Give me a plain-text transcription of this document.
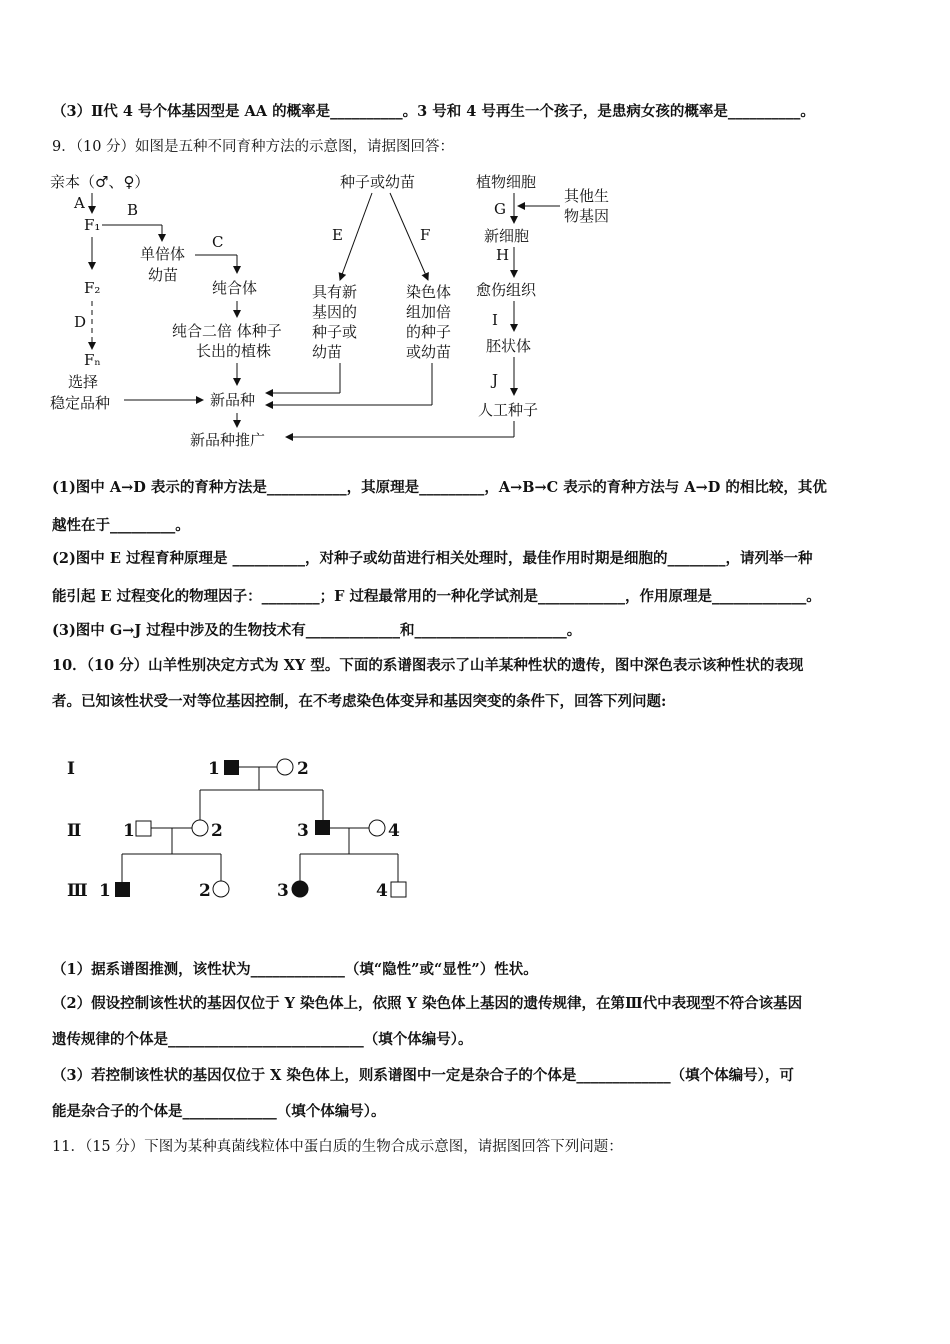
（3）Ⅱ代 4 号个体基因型是 AA 的概率是__________。3 号和 4 号再生一个孩子，是患病女孩的概率是__________。
9．（10 分）如图是五种不同育种方法的示意图，请据图回答：
亲本（♂、♀）
A
F₁
F₂
D
Fₙ
选择
稳定品种
B
单倍体
幼苗
C
纯合体
纯合二倍 体种子
长出的植株
新品种
新品种推广
种子或幼苗
E	F
具有新
基因的
种子或
幼苗
染色体
组加倍
的种子
或幼苗
植物细胞
G
其他生
物基因
新细胞
H
愈伤组织
I
胚状体
J
人工种子
(1)图中 A→D 表示的育种方法是___________，其原理是_________，A→B→C 表示的育种方法与 A→D 的相比较，其优
越性在于_________。
(2)图中 E 过程育种原理是 __________，对种子或幼苗进行相关处理时，最佳作用时期是细胞的________，请列举一种
能引起 E 过程变化的物理因子：________；F 过程最常用的一种化学试剂是____________，作用原理是_____________。
(3)图中 G→J 过程中涉及的生物技术有_____________和_____________________。
10．（10 分）山羊性别决定方式为 XY 型。下面的系谱图表示了山羊某种性状的遗传，图中深色表示该种性状的表现
者。已知该性状受一对等位基因控制，在不考虑染色体变异和基因突变的条件下，回答下列问题:
Ⅰ
Ⅱ
Ⅲ
1	2
1	2	3	4
1	2	3	4
（1）据系谱图推测，该性状为_____________（填“隐性”或“显性”）性状。
（2）假设控制该性状的基因仅位于 Y 染色体上，依照 Y 染色体上基因的遗传规律，在第Ⅲ代中表现型不符合该基因
遗传规律的个体是___________________________（填个体编号）。
（3）若控制该性状的基因仅位于 X 染色体上，则系谱图中一定是杂合子的个体是_____________（填个体编号），可
能是杂合子的个体是_____________（填个体编号）。
11．（15 分）下图为某种真菌线粒体中蛋白质的生物合成示意图，请据图回答下列问题：
